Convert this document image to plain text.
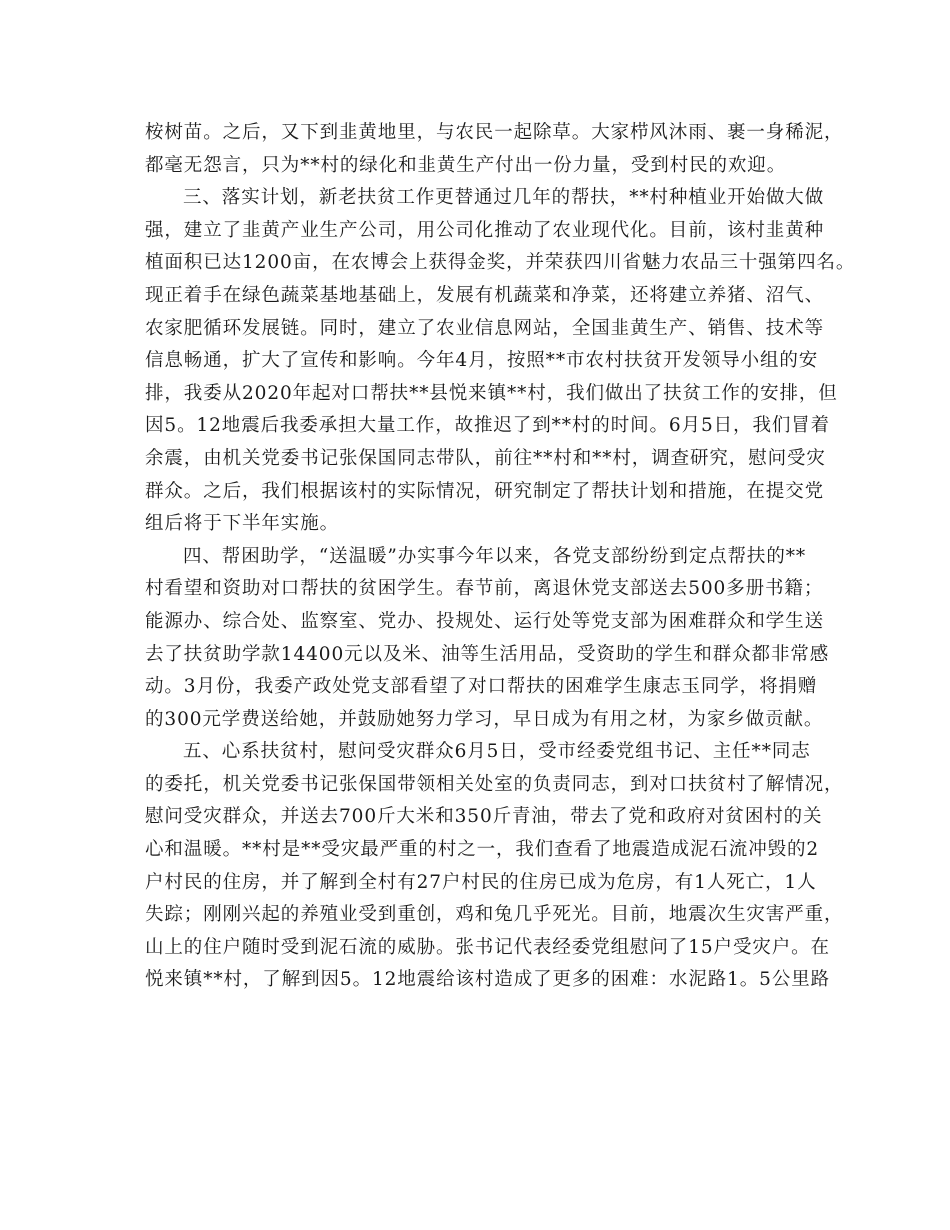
桉树苗。之后，又下到韭黄地里，与农民一起除草。大家栉风沐雨、裹一身稀泥，
都毫无怨言，只为**村的绿化和韭黄生产付出一份力量，受到村民的欢迎。
三、落实计划，新老扶贫工作更替通过几年的帮扶，**村种植业开始做大做
强，建立了韭黄产业生产公司，用公司化推动了农业现代化。目前，该村韭黄种
植面积已达1200亩，在农博会上获得金奖，并荣获四川省魅力农品三十强第四名。
现正着手在绿色蔬菜基地基础上，发展有机蔬菜和净菜，还将建立养猪、沼气、
农家肥循环发展链。同时，建立了农业信息网站，全国韭黄生产、销售、技术等
信息畅通，扩大了宣传和影响。今年4月，按照**市农村扶贫开发领导小组的安
排，我委从2020年起对口帮扶**县悦来镇**村，我们做出了扶贫工作的安排，但
因5。12地震后我委承担大量工作，故推迟了到**村的时间。6月5日，我们冒着
余震，由机关党委书记张保国同志带队，前往**村和**村，调查研究，慰问受灾
群众。之后，我们根据该村的实际情况，研究制定了帮扶计划和措施，在提交党
组后将于下半年实施。
四、帮困助学，“送温暖”办实事今年以来，各党支部纷纷到定点帮扶的**
村看望和资助对口帮扶的贫困学生。春节前，离退休党支部送去500多册书籍；
能源办、综合处、监察室、党办、投规处、运行处等党支部为困难群众和学生送
去了扶贫助学款14400元以及米、油等生活用品，受资助的学生和群众都非常感
动。3月份，我委产政处党支部看望了对口帮扶的困难学生康志玉同学，将捐赠
的300元学费送给她，并鼓励她努力学习，早日成为有用之材，为家乡做贡献。
五、心系扶贫村，慰问受灾群众6月5日，受市经委党组书记、主任**同志
的委托，机关党委书记张保国带领相关处室的负责同志，到对口扶贫村了解情况，
慰问受灾群众，并送去700斤大米和350斤青油，带去了党和政府对贫困村的关
心和温暖。**村是**受灾最严重的村之一，我们查看了地震造成泥石流冲毁的2
户村民的住房，并了解到全村有27户村民的住房已成为危房，有1人死亡，1人
失踪；刚刚兴起的养殖业受到重创，鸡和兔几乎死光。目前，地震次生灾害严重，
山上的住户随时受到泥石流的威胁。张书记代表经委党组慰问了15户受灾户。在
悦来镇**村，了解到因5。12地震给该村造成了更多的困难：水泥路1。5公里路
